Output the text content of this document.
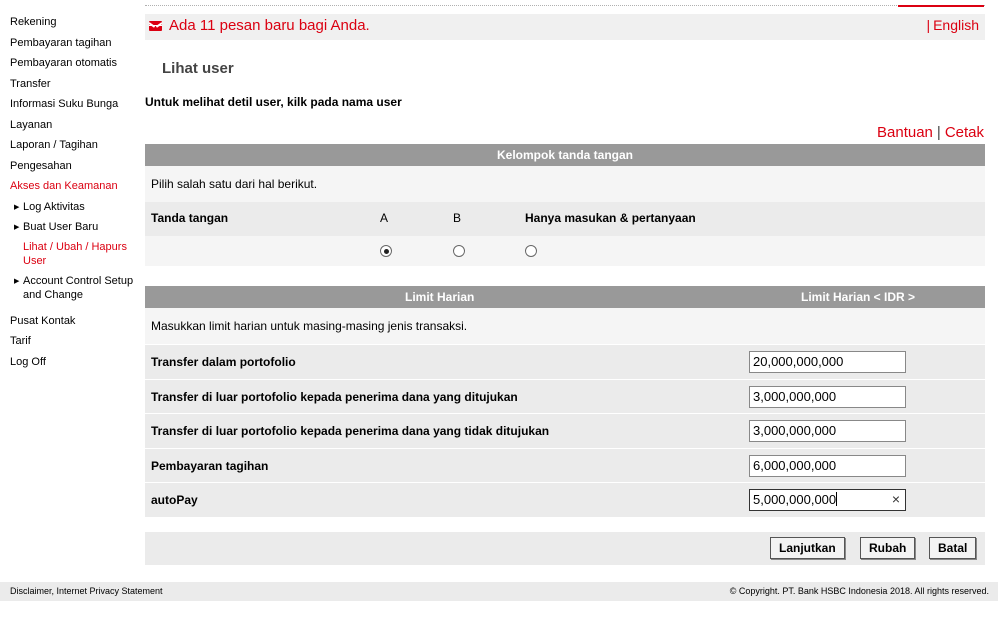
Rekening
Pembayaran tagihan
Pembayaran otomatis
Transfer
Informasi Suku Bunga
Layanan
Laporan / Tagihan
Pengesahan
Akses dan Keamanan
▶ Log Aktivitas
▶ Buat User Baru
Lihat / Ubah / Hapurs User
▶ Account Control Setup and Change
Pusat Kontak
Tarif
Log Off
Ada 11 pesan baru bagi Anda.	| English
Lihat user
Untuk melihat detil user, kilk pada nama user
Bantuan | Cetak
Kelompok tanda tangan
Pilih salah satu dari hal berikut.
Tanda tangan	A	B	Hanya masukan & pertanyaan
Limit Harian	Limit Harian < IDR >
Masukkan limit harian untuk masing-masing jenis transaksi.
Transfer dalam portofolio	20,000,000,000
Transfer di luar portofolio kepada penerima dana yang ditujukan	3,000,000,000
Transfer di luar portofolio kepada penerima dana yang tidak ditujukan	3,000,000,000
Pembayaran tagihan	6,000,000,000
autoPay	5,000,000,000	×
Lanjutkan	Rubah	Batal
Disclaimer, Internet Privacy Statement	© Copyright. PT. Bank HSBC Indonesia 2018. All rights reserved.
